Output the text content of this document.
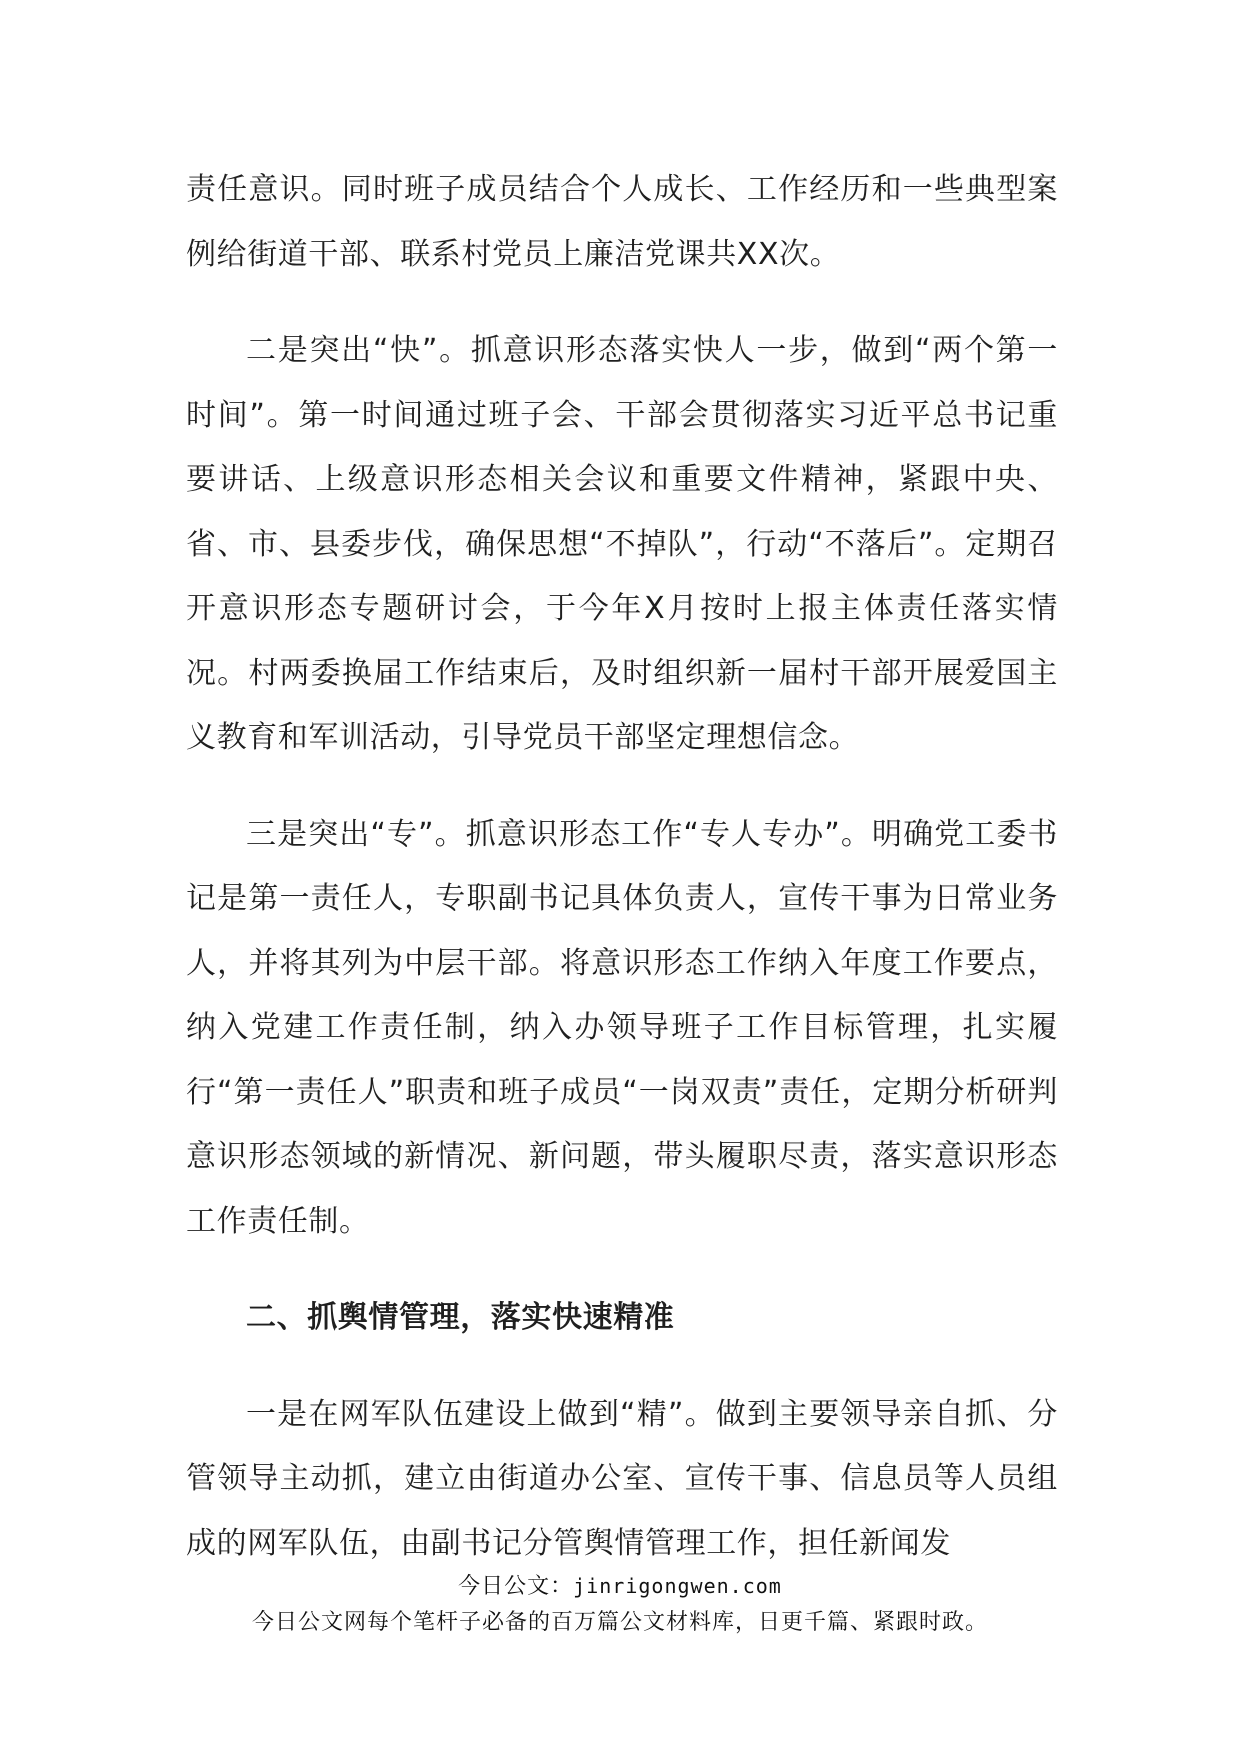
责任意识。同时班子成员结合个人成长、工作经历和一些典型案例给街道干部、联系村党员上廉洁党课共XX次。

二是突出“快”。抓意识形态落实快人一步，做到“两个第一时间”。第一时间通过班子会、干部会贯彻落实习近平总书记重要讲话、上级意识形态相关会议和重要文件精神，紧跟中央、省、市、县委步伐，确保思想“不掉队”，行动“不落后”。定期召开意识形态专题研讨会，于今年X月按时上报主体责任落实情况。村两委换届工作结束后，及时组织新一届村干部开展爱国主义教育和军训活动，引导党员干部坚定理想信念。

三是突出“专”。抓意识形态工作“专人专办”。明确党工委书记是第一责任人，专职副书记具体负责人，宣传干事为日常业务人，并将其列为中层干部。将意识形态工作纳入年度工作要点，纳入党建工作责任制，纳入办领导班子工作目标管理，扎实履行“第一责任人”职责和班子成员“一岗双责”责任，定期分析研判意识形态领域的新情况、新问题，带头履职尽责，落实意识形态工作责任制。

二、抓舆情管理，落实快速精准

一是在网军队伍建设上做到“精”。做到主要领导亲自抓、分管领导主动抓，建立由街道办公室、宣传干事、信息员等人员组成的网军队伍，由副书记分管舆情管理工作，担任新闻发

今日公文：jinrigongwen.com
今日公文网每个笔杆子必备的百万篇公文材料库，日更千篇、紧跟时政。
